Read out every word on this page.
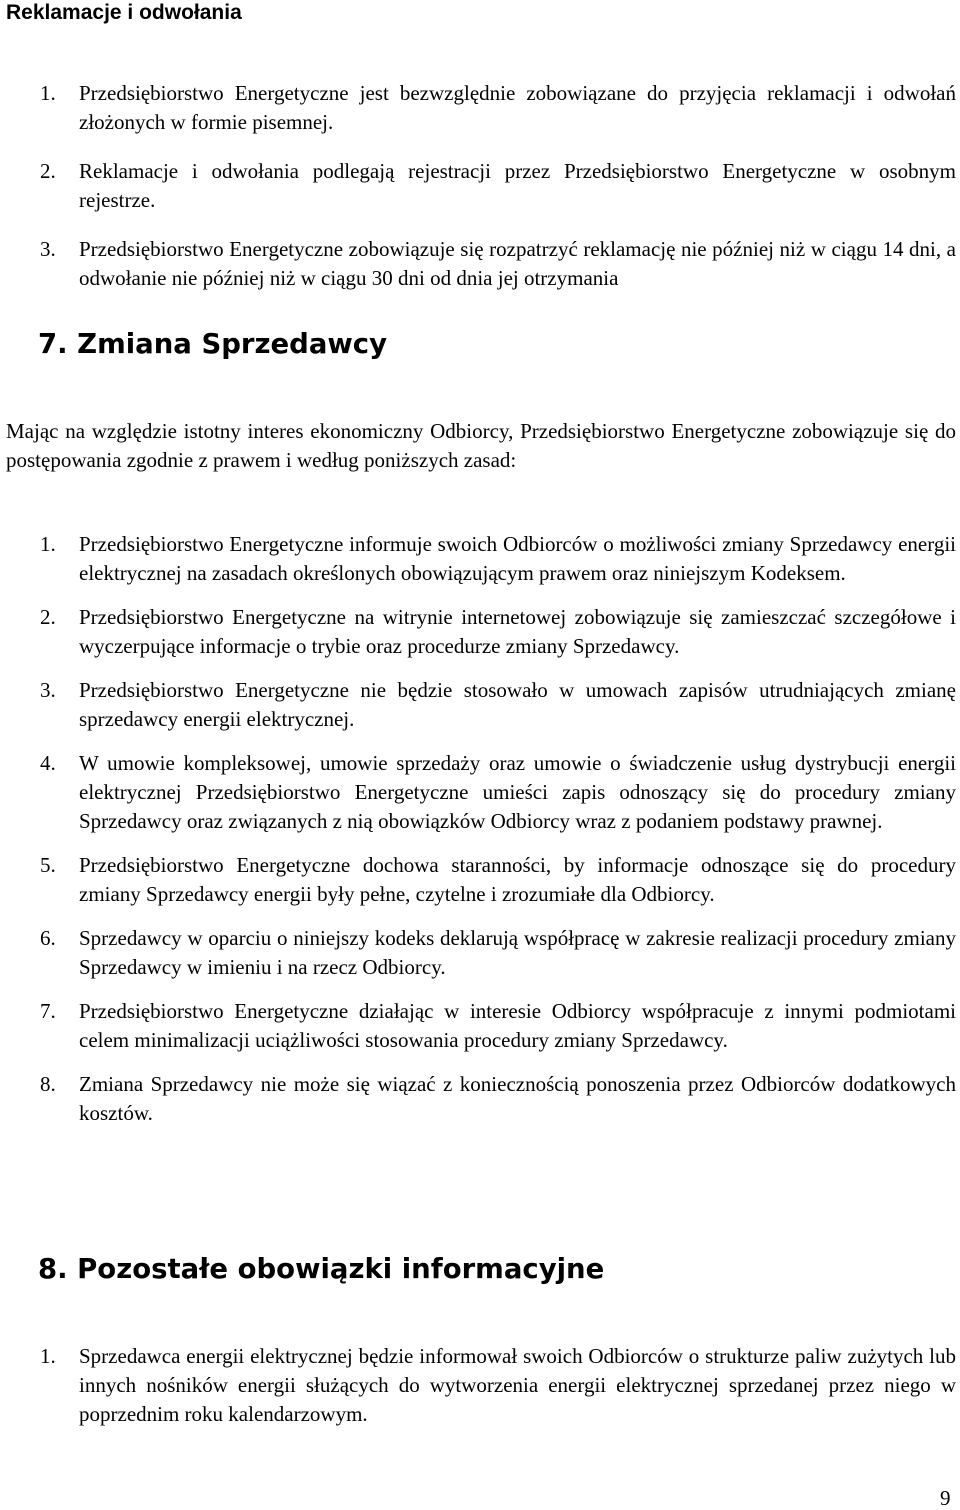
Reklamacje i odwołania
1. Przedsiębiorstwo Energetyczne jest bezwzględnie zobowiązane do przyjęcia reklamacji i odwołań złożonych w formie pisemnej.
2. Reklamacje i odwołania podlegają rejestracji przez Przedsiębiorstwo Energetyczne w osobnym rejestrze.
3. Przedsiębiorstwo Energetyczne zobowiązuje się rozpatrzyć reklamację nie później niż w ciągu 14 dni, a odwołanie nie później niż w ciągu 30 dni od dnia jej otrzymania
7. Zmiana Sprzedawcy
Mając na względzie istotny interes ekonomiczny Odbiorcy, Przedsiębiorstwo Energetyczne zobowiązuje się do postępowania zgodnie z prawem i według poniższych zasad:
1. Przedsiębiorstwo Energetyczne informuje swoich Odbiorców o możliwości zmiany Sprzedawcy energii elektrycznej na zasadach określonych obowiązującym prawem oraz niniejszym Kodeksem.
2. Przedsiębiorstwo Energetyczne na witrynie internetowej zobowiązuje się zamieszczać szczegółowe i wyczerpujące informacje o trybie oraz procedurze zmiany Sprzedawcy.
3. Przedsiębiorstwo Energetyczne nie będzie stosowało w umowach zapisów utrudniających zmianę sprzedawcy energii elektrycznej.
4. W umowie kompleksowej, umowie sprzedaży oraz umowie o świadczenie usług dystrybucji energii elektrycznej Przedsiębiorstwo Energetyczne umieści zapis odnoszący się do procedury zmiany Sprzedawcy oraz związanych z nią obowiązków Odbiorcy wraz z podaniem podstawy prawnej.
5. Przedsiębiorstwo Energetyczne dochowa staranności, by informacje odnoszące się do procedury zmiany Sprzedawcy energii były pełne, czytelne i zrozumiałe dla Odbiorcy.
6. Sprzedawcy w oparciu o niniejszy kodeks deklarują współpracę w zakresie realizacji procedury zmiany Sprzedawcy w imieniu i na rzecz Odbiorcy.
7. Przedsiębiorstwo Energetyczne działając w interesie Odbiorcy współpracuje z innymi podmiotami celem minimalizacji uciążliwości stosowania procedury zmiany Sprzedawcy.
8. Zmiana Sprzedawcy nie może się wiązać z koniecznością ponoszenia przez Odbiorców dodatkowych kosztów.
8. Pozostałe obowiązki informacyjne
1. Sprzedawca energii elektrycznej będzie informował swoich Odbiorców o strukturze paliw zużytych lub innych nośników energii służących do wytworzenia energii elektrycznej sprzedanej przez niego w poprzednim roku kalendarzowym.
9
